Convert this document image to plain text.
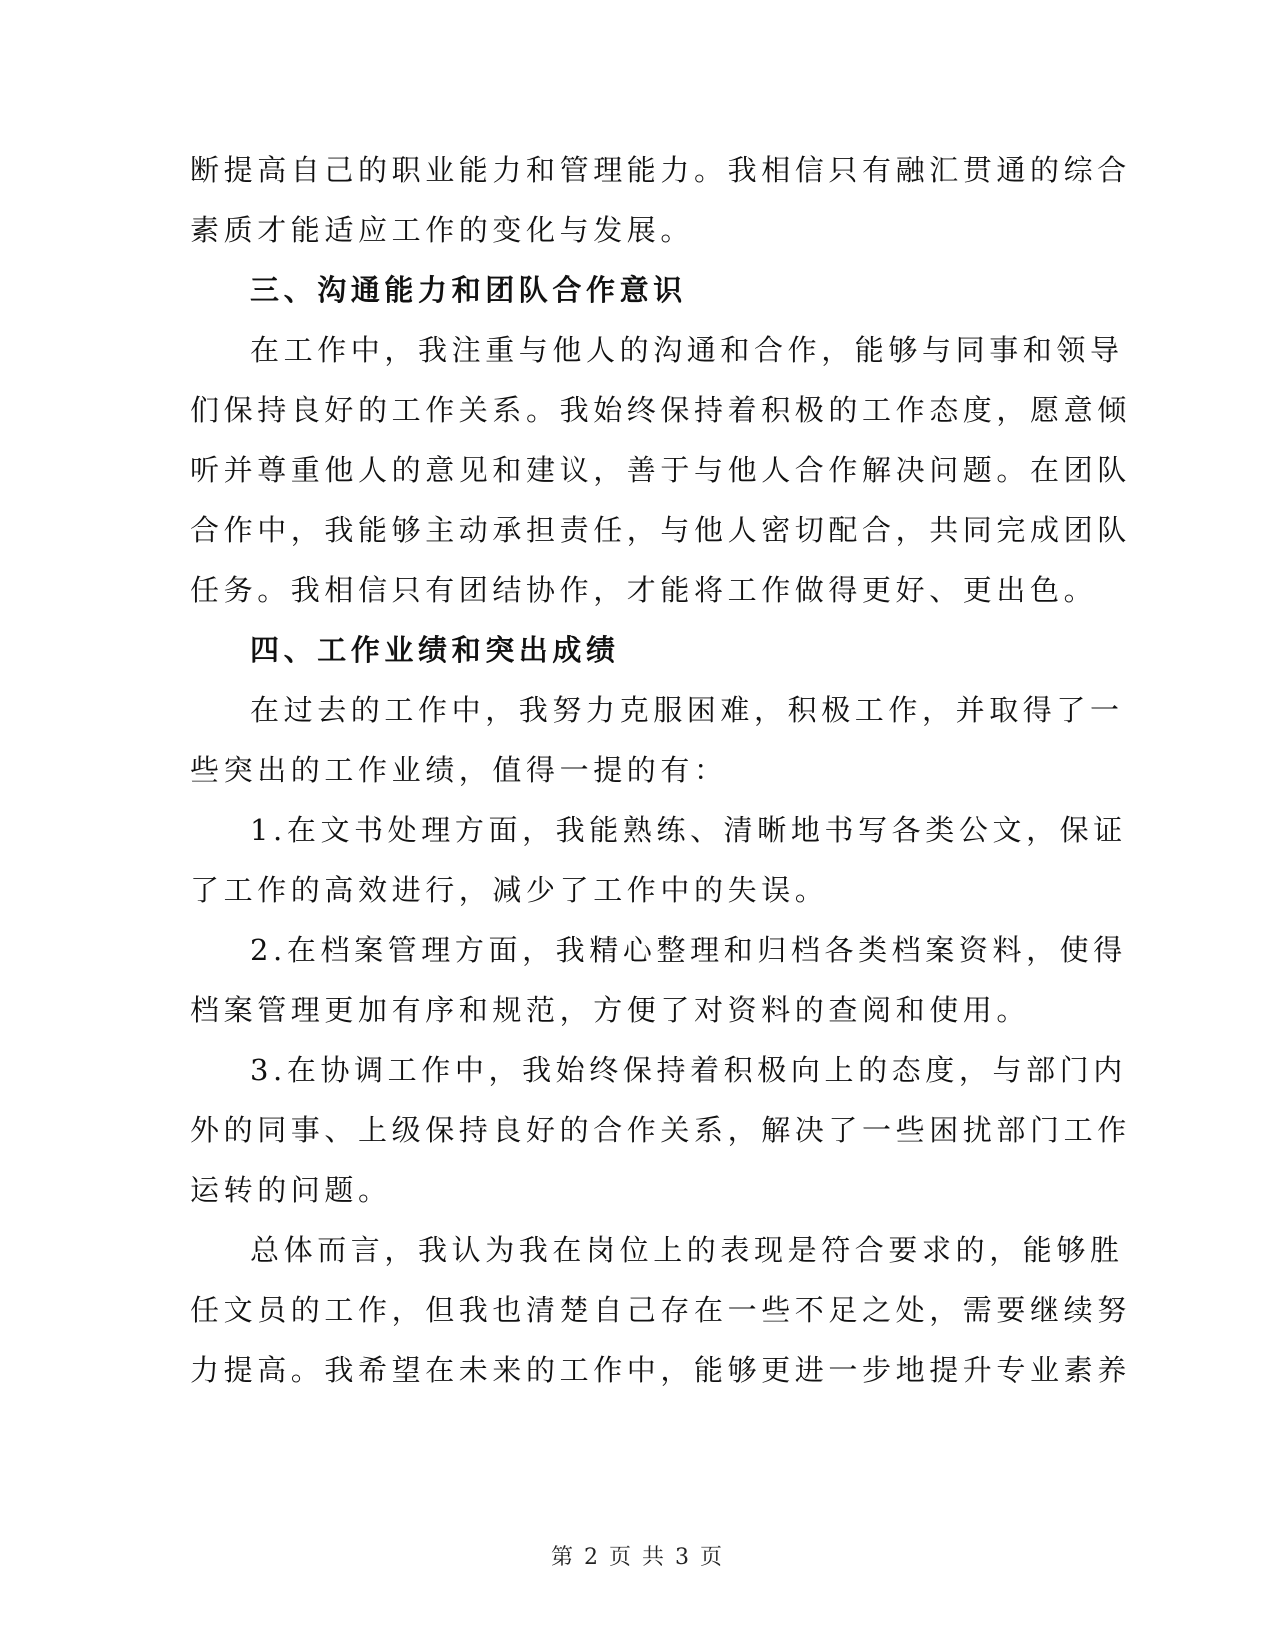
断提高自己的职业能力和管理能力。我相信只有融汇贯通的综合
素质才能适应工作的变化与发展。
三、沟通能力和团队合作意识
在工作中，我注重与他人的沟通和合作，能够与同事和领导
们保持良好的工作关系。我始终保持着积极的工作态度，愿意倾
听并尊重他人的意见和建议，善于与他人合作解决问题。在团队
合作中，我能够主动承担责任，与他人密切配合，共同完成团队
任务。我相信只有团结协作，才能将工作做得更好、更出色。
四、工作业绩和突出成绩
在过去的工作中，我努力克服困难，积极工作，并取得了一
些突出的工作业绩，值得一提的有：
1.在文书处理方面，我能熟练、清晰地书写各类公文，保证
了工作的高效进行，减少了工作中的失误。
2.在档案管理方面，我精心整理和归档各类档案资料，使得
档案管理更加有序和规范，方便了对资料的查阅和使用。
3.在协调工作中，我始终保持着积极向上的态度，与部门内
外的同事、上级保持良好的合作关系，解决了一些困扰部门工作
运转的问题。
总体而言，我认为我在岗位上的表现是符合要求的，能够胜
任文员的工作，但我也清楚自己存在一些不足之处，需要继续努
力提高。我希望在未来的工作中，能够更进一步地提升专业素养
第 2 页 共 3 页
